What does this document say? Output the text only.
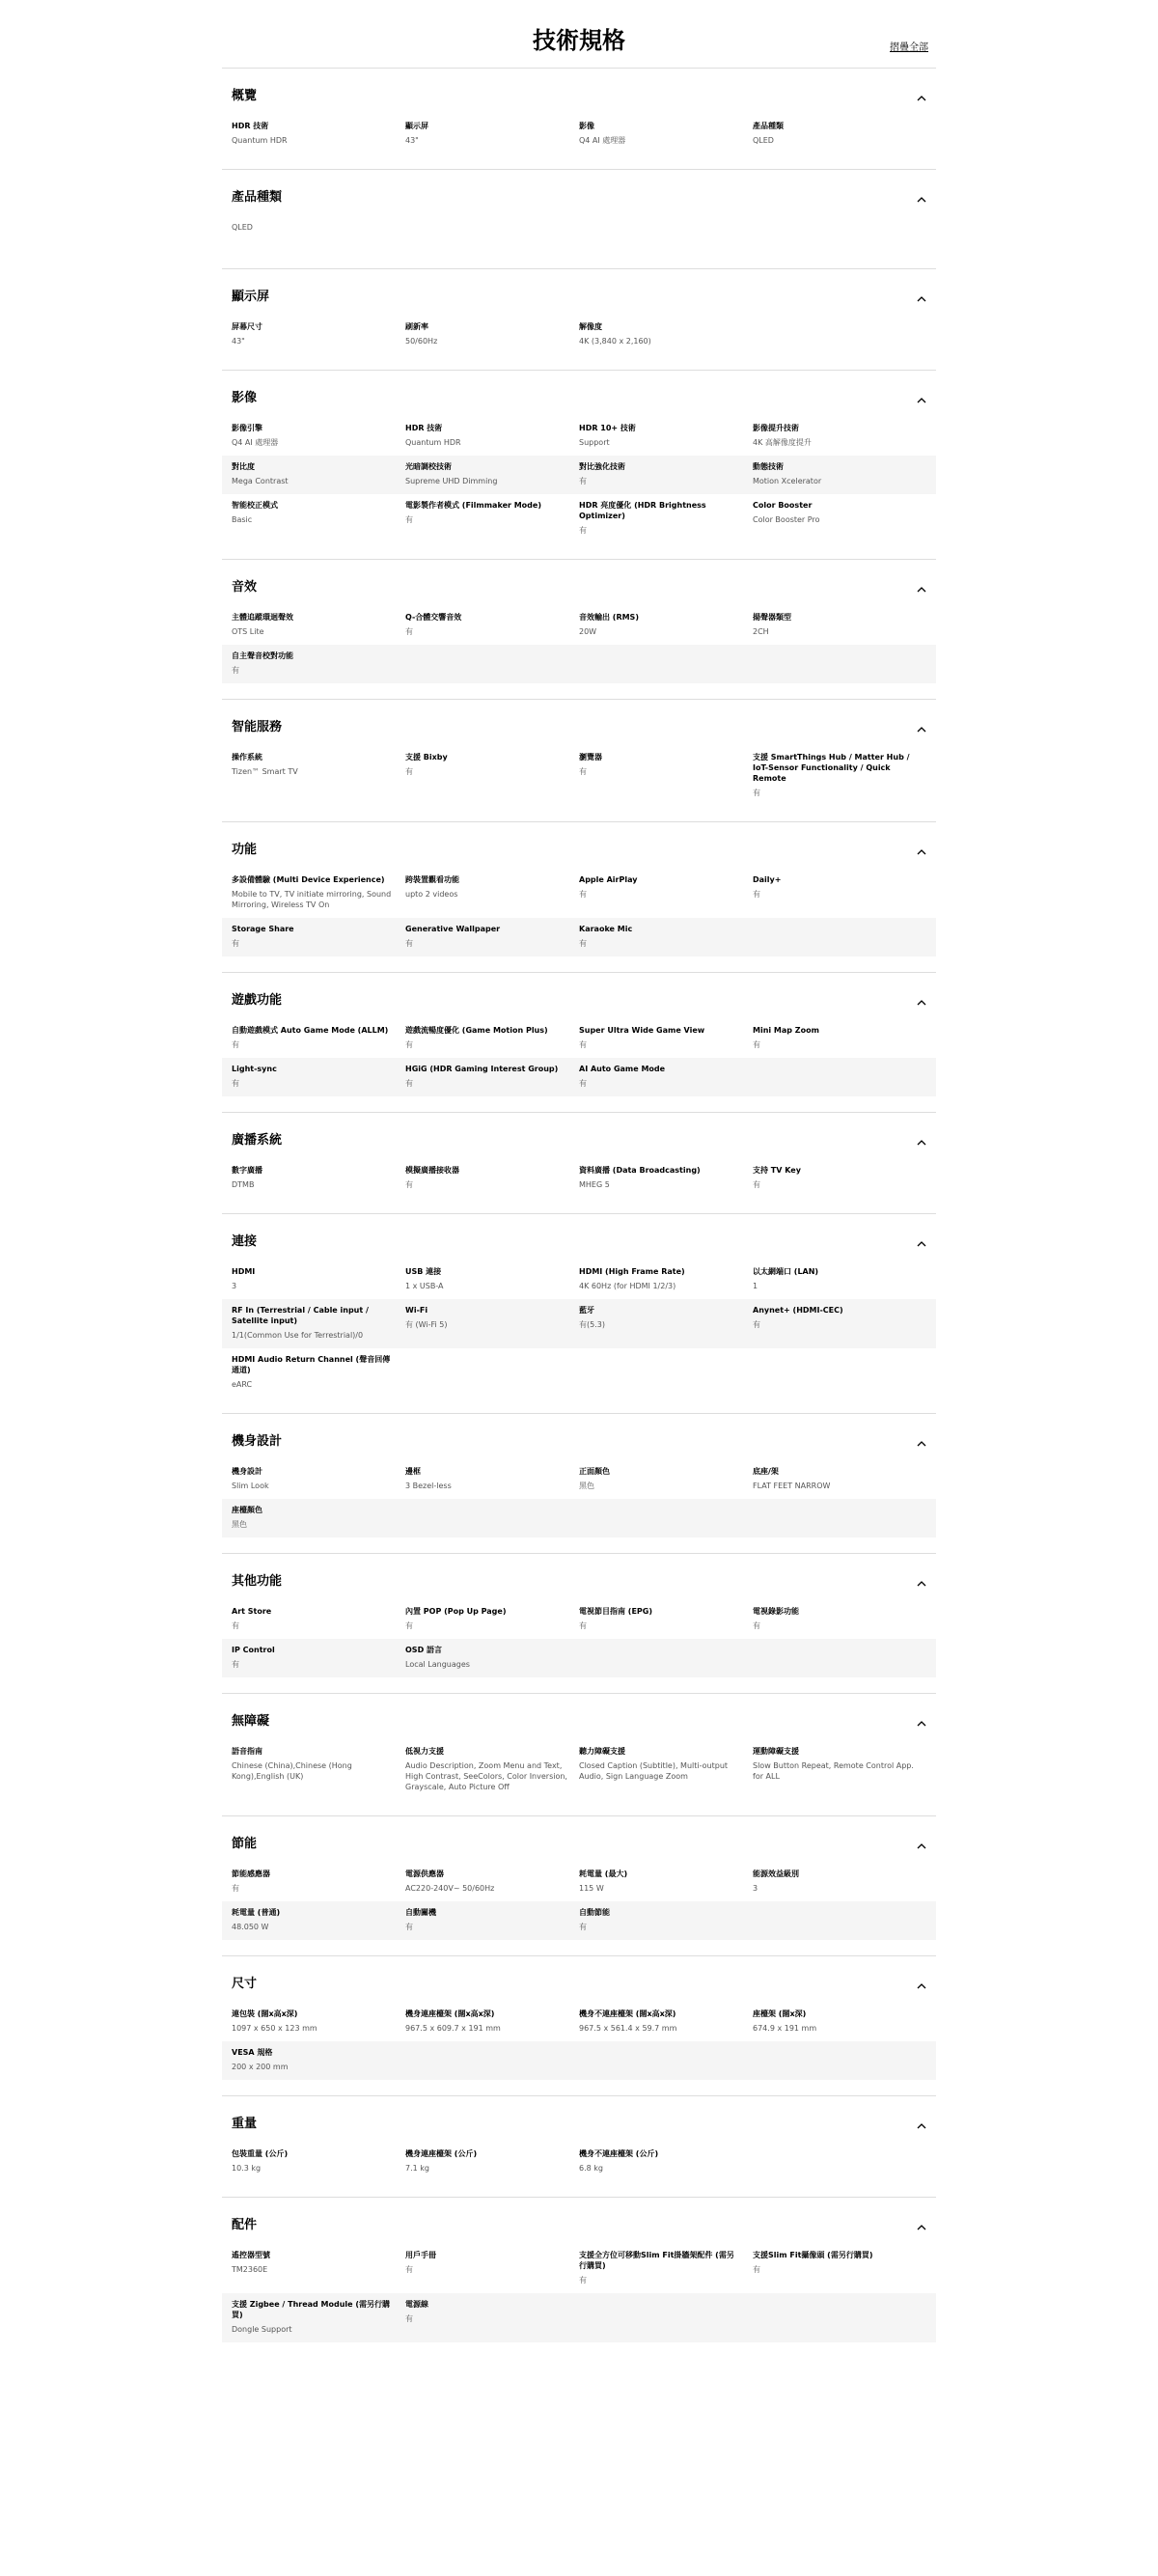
技術規格	摺疊全部
概覽
HDR 技術
Quantum HDR
顯示屏
43"
影像
Q4 AI 處理器
產品種類
QLED
產品種類
QLED
顯示屏
屏幕尺寸
43"
刷新率
50/60Hz
解像度
4K (3,840 x 2,160)
影像
影像引擎
Q4 AI 處理器
HDR 技術
Quantum HDR
HDR 10+ 技術
Support
影像提升技術
4K 高解像度提升
對比度
Mega Contrast
光暗調校技術
Supreme UHD Dimming
對比強化技術
有
動態技術
Motion Xcelerator
智能校正模式
Basic
電影製作者模式 (Filmmaker Mode)
有
HDR 亮度優化 (HDR Brightness Optimizer)
有
Color Booster
Color Booster Pro
音效
主體追蹤環迴聲效
OTS Lite
Q-合體交響音效
有
音效輸出 (RMS)
20W
揚聲器類型
2CH
自主聲音校對功能
有
智能服務
操作系統
Tizen™ Smart TV
支援 Bixby
有
瀏覽器
有
支援 SmartThings Hub / Matter Hub / IoT-Sensor Functionality / Quick Remote
有
功能
多設備體驗 (Multi Device Experience)
Mobile to TV, TV initiate mirroring, Sound Mirroring, Wireless TV On
跨裝置觀看功能
upto 2 videos
Apple AirPlay
有
Daily+
有
Storage Share
有
Generative Wallpaper
有
Karaoke Mic
有
遊戲功能
自動遊戲模式 Auto Game Mode (ALLM)
有
遊戲流暢度優化 (Game Motion Plus)
有
Super Ultra Wide Game View
有
Mini Map Zoom
有
Light-sync
有
HGiG (HDR Gaming Interest Group)
有
AI Auto Game Mode
有
廣播系統
數字廣播
DTMB
模擬廣播接收器
有
資料廣播 (Data Broadcasting)
MHEG 5
支持 TV Key
有
連接
HDMI
3
USB 連接
1 x USB-A
HDMI (High Frame Rate)
4K 60Hz (for HDMI 1/2/3)
以太網端口 (LAN)
1
RF In (Terrestrial / Cable input / Satellite input)
1/1(Common Use for Terrestrial)/0
Wi-Fi
有 (Wi-Fi 5)
藍牙
有(5.3)
Anynet+ (HDMI-CEC)
有
HDMI Audio Return Channel (聲音回傳通道)
eARC
機身設計
機身設計
Slim Look
邊框
3 Bezel-less
正面顏色
黑色
底座/架
FLAT FEET NARROW
座檯顏色
黑色
其他功能
Art Store
有
內置 POP (Pop Up Page)
有
電視節目指南 (EPG)
有
電視錄影功能
有
IP Control
有
OSD 語言
Local Languages
無障礙
語音指南
Chinese (China),Chinese (Hong Kong),English (UK)
低視力支援
Audio Description, Zoom Menu and Text, High Contrast, SeeColors, Color Inversion, Grayscale, Auto Picture Off
聽力障礙支援
Closed Caption (Subtitle), Multi-output Audio, Sign Language Zoom
運動障礙支援
Slow Button Repeat, Remote Control App. for ALL
節能
節能感應器
有
電源供應器
AC220-240V~ 50/60Hz
耗電量 (最大)
115 W
能源效益級別
3
耗電量 (普通)
48.050 W
自動關機
有
自動節能
有
尺寸
連包裝 (闊x高x深)
1097 x 650 x 123 mm
機身連座檯架 (闊x高x深)
967.5 x 609.7 x 191 mm
機身不連座檯架 (闊x高x深)
967.5 x 561.4 x 59.7 mm
座檯架 (闊x深)
674.9 x 191 mm
VESA 規格
200 x 200 mm
重量
包裝重量 (公斤)
10.3 kg
機身連座檯架 (公斤)
7.1 kg
機身不連座檯架 (公斤)
6.8 kg
配件
遙控器型號
TM2360E
用戶手冊
有
支援全方位可移動Slim Fit掛牆架配件 (需另行購買)
有
支援Slim Fit攝像頭 (需另行購買)
有
支援 Zigbee / Thread Module (需另行購買)
Dongle Support
電源線
有
